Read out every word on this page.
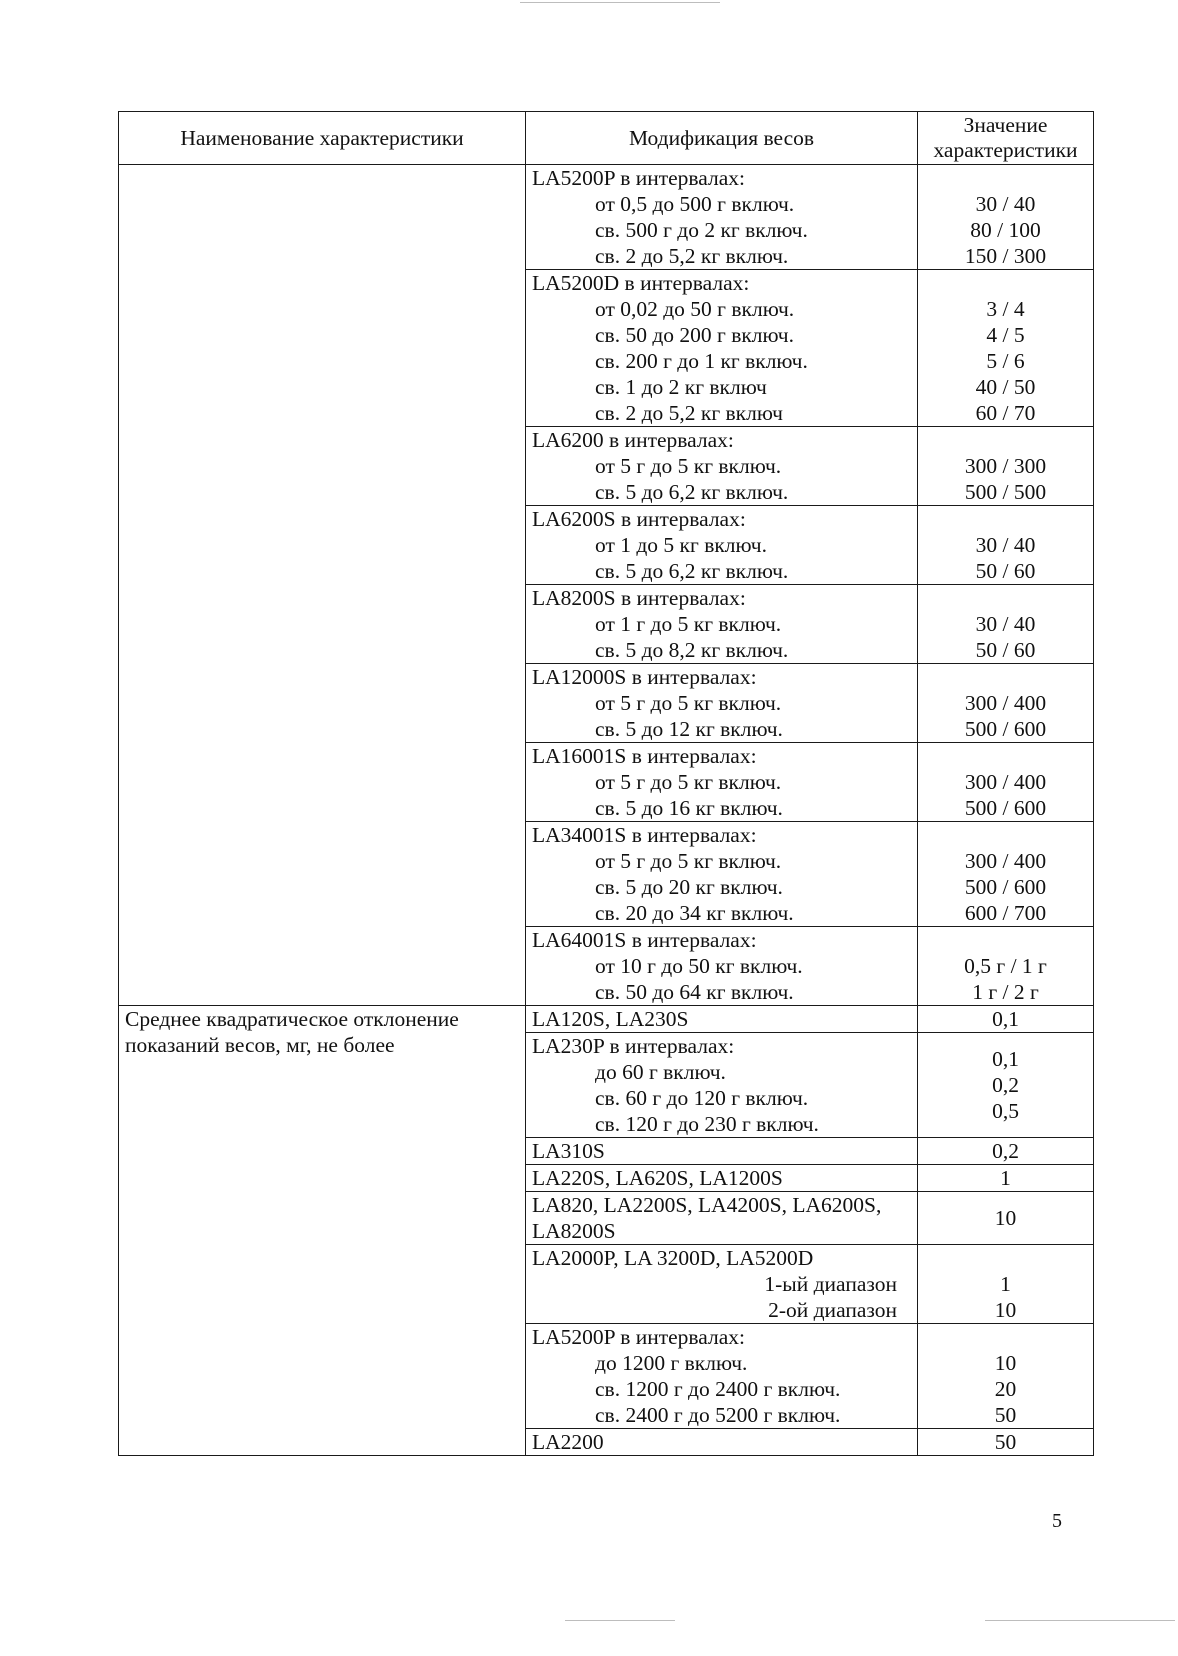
Наименование характеристики	Модификация весов	Значение
характеристики

	LA5200P в интервалах:
от 0,5 до 500 г включ.
св. 500 г до 2 кг включ.
св. 2 до 5,2 кг включ.	30 / 40
80 / 100
150 / 300

LA5200D в интервалах:
от 0,02 до 50 г включ.
св. 50 до 200 г включ.
св. 200 г до 1 кг включ.
св. 1 до 2 кг включ
св. 2 до 5,2 кг включ

3 / 4
4 / 5
5 / 6
40 / 50
60 / 70

	LA6200 в интервалах:
от 5 г до 5 кг включ.
св. 5 до 6,2 кг включ.	300 / 300
500 / 500

	LA6200S в интервалах:
от 1 до 5 кг включ.
св. 5 до 6,2 кг включ.	30 / 40
50 / 60

	LA8200S в интервалах:
от 1 г до 5 кг включ.
св. 5 до 8,2 кг включ.	30 / 40
50 / 60

	LA12000S в интервалах:
от 5 г до 5 кг включ.
св. 5 до 12 кг включ.	300 / 400
500 / 600

	LA16001S в интервалах:
от 5 г до 5 кг включ.
св. 5 до 16 кг включ.	300 / 400
500 / 600

	LA34001S в интервалах:
от 5 г до 5 кг включ.
св. 5 до 20 кг включ.
св. 20 до 34 кг включ.	300 / 400
500 / 600
600 / 700

	LA64001S в интервалах:
от 10 г до 50 кг включ.
св. 50 до 64 кг включ.	0,5 г / 1 г
1 г / 2 г

Среднее квадратическое отклонение
показаний весов, мг, не более	LA120S, LA230S	0,1

	LA230P в интервалах:
до 60 г включ.
св. 60 г до 120 г включ.
св. 120 г до 230 г включ.	0,1
0,2
0,5

	LA310S	0,2

	LA220S, LA620S, LA1200S	1

	LA820, LA2200S, LA4200S, LA6200S,
LA8200S	10

	LA2000P, LA 3200D, LA5200D
1-ый диапазон
2-ой диапазон	1
10

	LA5200P в интервалах:
до 1200 г включ.
св. 1200 г до 2400 г включ.
св. 2400 г до 5200 г включ.	10
20
50

	LA2200	50
5
